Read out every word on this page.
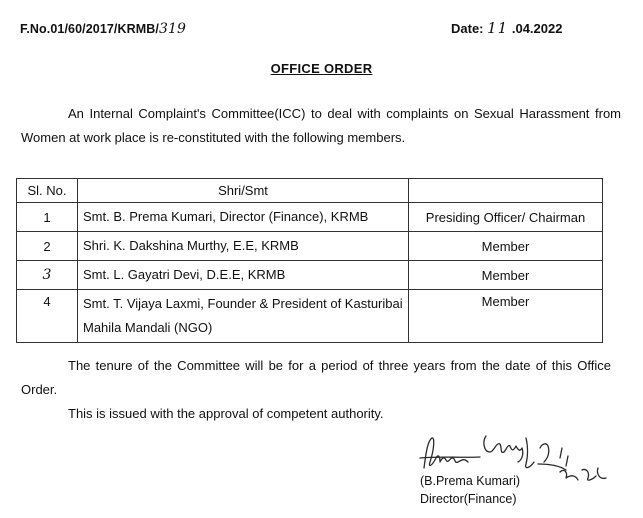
F.No.01/60/2017/KRMB/319	Date: 11 .04.2022
OFFICE ORDER
An Internal Complaint's Committee(ICC) to deal with complaints on Sexual Harassment from Women at work place is re-constituted with the following members.
Sl. No.	Shri/Smt	
1	Smt. B. Prema Kumari, Director (Finance), KRMB	Presiding Officer/ Chairman
2	Shri. K. Dakshina Murthy, E.E, KRMB	Member
3	Smt. L. Gayatri Devi, D.E.E, KRMB	Member
4	Smt. T. Vijaya Laxmi, Founder & President of Kasturibai Mahila Mandali (NGO)	Member
The tenure of the Committee will be for a period of three years from the date of this Office Order.
This is issued with the approval of competent authority.
(B.Prema Kumari)
Director(Finance)
